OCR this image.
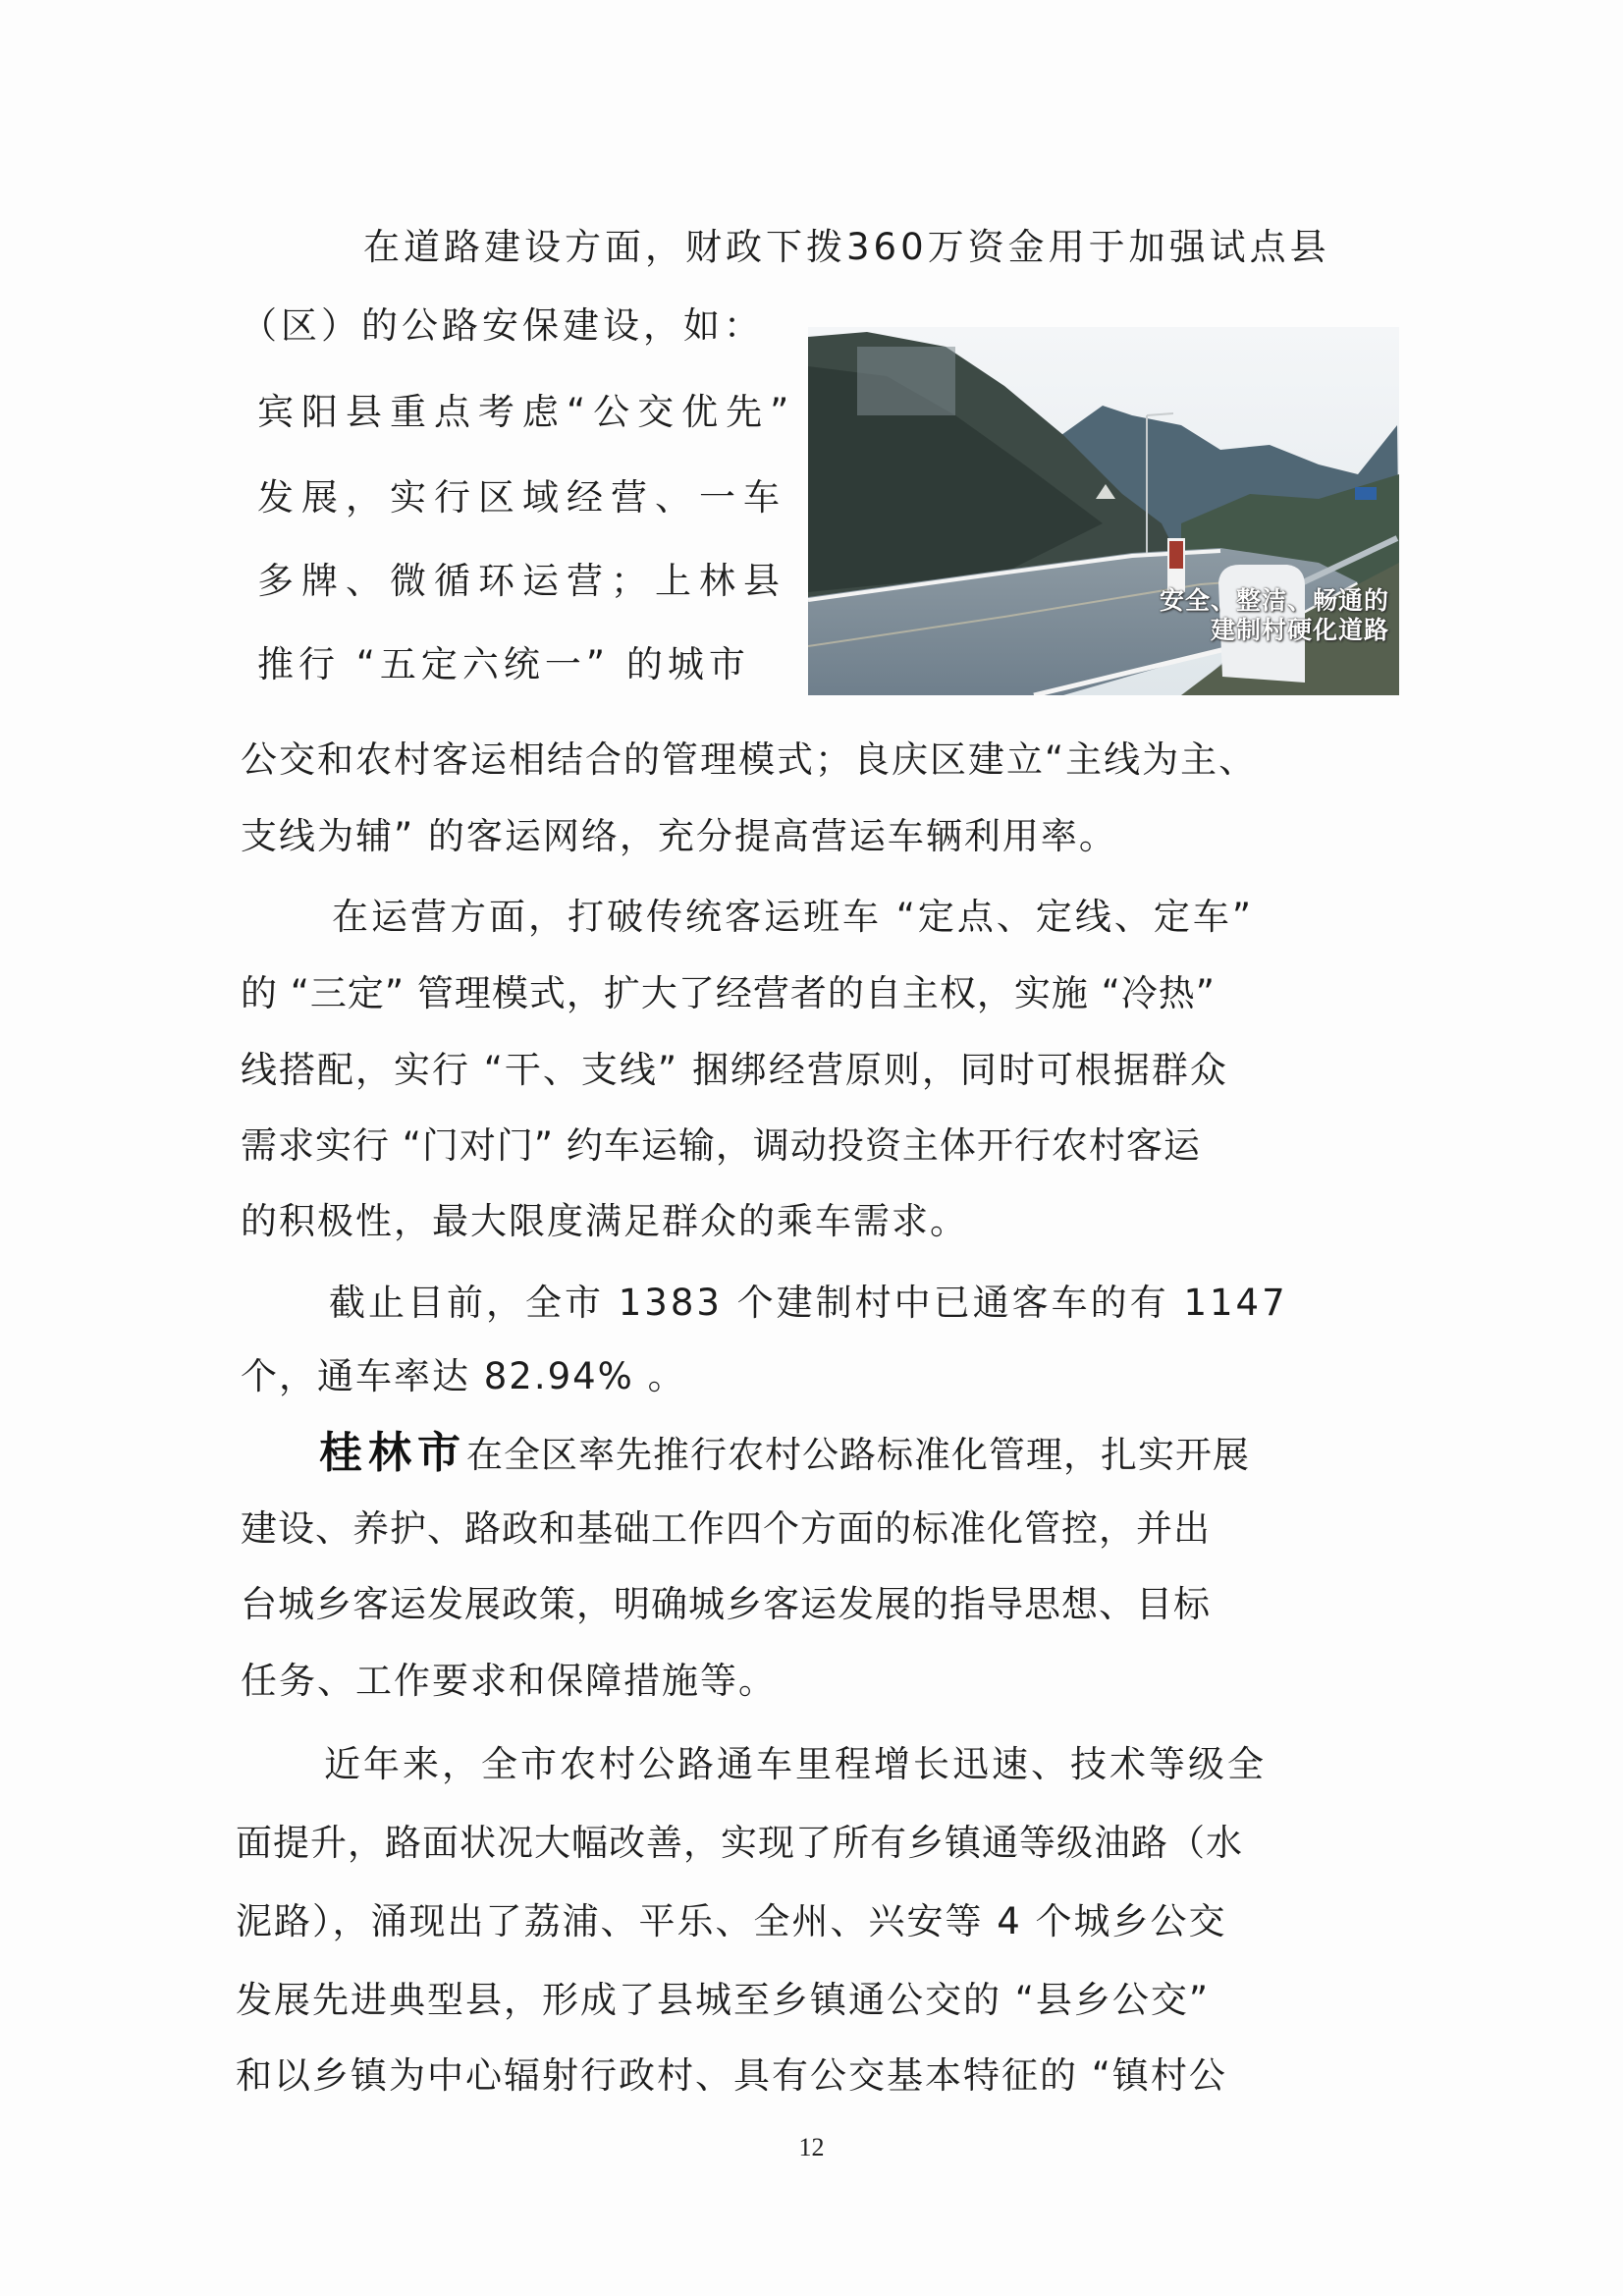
在道路建设方面，财政下拨360万资金用于加强试点县
（区）的公路安保建设，如：
宾阳县重点考虑“公交优先”
发展，实行区域经营、一车
多牌、微循环运营；上林县
推行 “五定六统一” 的城市
公交和农村客运相结合的管理模式；良庆区建立“主线为主、
支线为辅” 的客运网络，充分提高营运车辆利用率。
安全、整洁、畅通的
建制村硬化道路
在运营方面，打破传统客运班车 “定点、定线、定车”
的 “三定” 管理模式，扩大了经营者的自主权，实施 “冷热”
线搭配，实行 “干、支线” 捆绑经营原则，同时可根据群众
需求实行 “门对门” 约车运输，调动投资主体开行农村客运
的积极性，最大限度满足群众的乘车需求。
截止目前，全市 1383 个建制村中已通客车的有 1147
个，通车率达 82.94% 。
桂林市在全区率先推行农村公路标准化管理，扎实开展
建设、养护、路政和基础工作四个方面的标准化管控，并出
台城乡客运发展政策，明确城乡客运发展的指导思想、目标
任务、工作要求和保障措施等。
近年来，全市农村公路通车里程增长迅速、技术等级全
面提升，路面状况大幅改善，实现了所有乡镇通等级油路（水
泥路），涌现出了荔浦、平乐、全州、兴安等 4 个城乡公交
发展先进典型县，形成了县城至乡镇通公交的 “县乡公交”
和以乡镇为中心辐射行政村、具有公交基本特征的 “镇村公
12
